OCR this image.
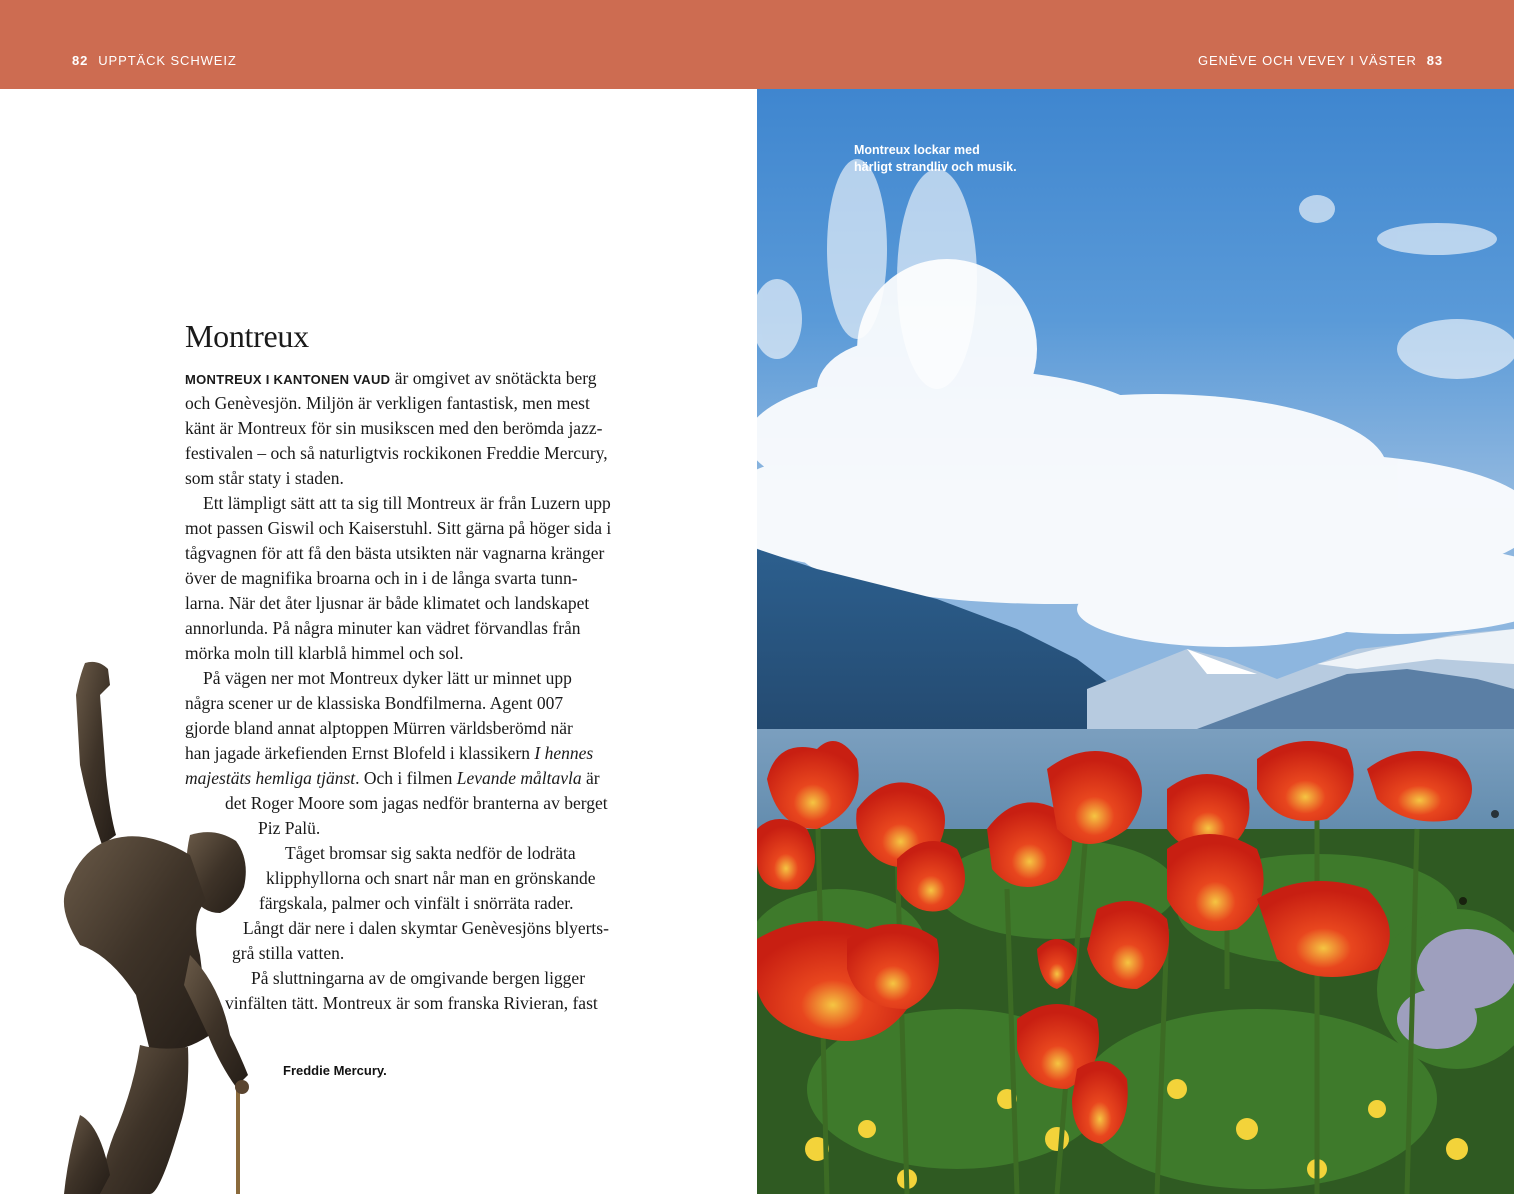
82 UPPTÄCK SCHWEIZ	GENÈVE OCH VEVEY I VÄSTER 83
Montreux lockar med
härligt strandliv och musik.
Montreux
MONTREUX I KANTONEN VAUD är omgivet av snötäckta berg
och Genèvesjön. Miljön är verkligen fantastisk, men mest
känt är Montreux för sin musikscen med den berömda jazz-
festivalen – och så naturligtvis rockikonen Freddie Mercury,
som står staty i staden.
Ett lämpligt sätt att ta sig till Montreux är från Luzern upp
mot passen Giswil och Kaiserstuhl. Sitt gärna på höger sida i
tågvagnen för att få den bästa utsikten när vagnarna kränger
över de magnifika broarna och in i de långa svarta tunn-
larna. När det åter ljusnar är både klimatet och landskapet
annorlunda. På några minuter kan vädret förvandlas från
mörka moln till klarblå himmel och sol.
På vägen ner mot Montreux dyker lätt ur minnet upp
några scener ur de klassiska Bondfilmerna. Agent 007
gjorde bland annat alptoppen Mürren världsberömd när
han jagade ärkefienden Ernst Blofeld i klassikern I hennes
majestäts hemliga tjänst. Och i filmen Levande måltavla är
det Roger Moore som jagas nedför branterna av berget
Piz Palü.
Tåget bromsar sig sakta nedför de lodräta
klipphyllorna och snart når man en grönskande
färgskala, palmer och vinfält i snörräta rader.
Långt där nere i dalen skymtar Genèvesjöns blyerts-
grå stilla vatten.
På sluttningarna av de omgivande bergen ligger
vinfälten tätt. Montreux är som franska Rivieran, fast
Freddie Mercury.
